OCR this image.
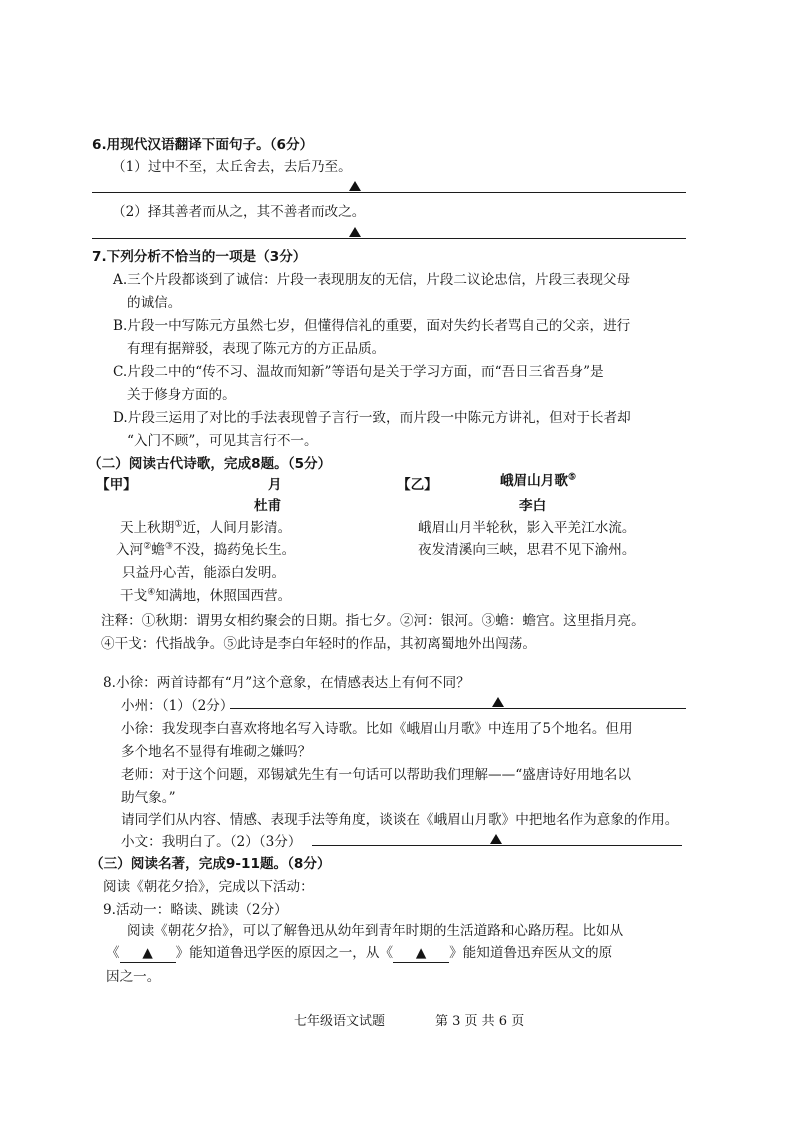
6.用现代汉语翻译下面句子。（6分）
（1）过中不至，太丘舍去，去后乃至。
（2）择其善者而从之，其不善者而改之。
7.下列分析不恰当的一项是（3分）
A.三个片段都谈到了诚信：片段一表现朋友的无信，片段二议论忠信，片段三表现父母
的诚信。
B.片段一中写陈元方虽然七岁，但懂得信礼的重要，面对失约长者骂自己的父亲，进行
有理有据辩驳，表现了陈元方的方正品质。
C.片段二中的“传不习、温故而知新”等语句是关于学习方面，而“吾日三省吾身”是
关于修身方面的。
D.片段三运用了对比的手法表现曾子言行一致，而片段一中陈元方讲礼，但对于长者却
“入门不顾”，可见其言行不一。
（二）阅读古代诗歌，完成8题。（5分）
【甲】	月	【乙】	峨眉山月歌⑤
杜甫	李白
天上秋期①近，人间月影清。	峨眉山月半轮秋，影入平羌江水流。
入河②蟾③不没，捣药兔长生。	夜发清溪向三峡，思君不见下渝州。
只益丹心苦，能添白发明。
干戈④知满地，休照国西营。
注释：①秋期：谓男女相约聚会的日期。指七夕。②河：银河。③蟾：蟾宫。这里指月亮。
④干戈：代指战争。⑤此诗是李白年轻时的作品，其初离蜀地外出闯荡。
8.小徐：两首诗都有“月”这个意象，在情感表达上有何不同？
小州：（1）（2分）
小徐：我发现李白喜欢将地名写入诗歌。比如《峨眉山月歌》中连用了5个地名。但用
多个地名不显得有堆砌之嫌吗？
老师：对于这个问题，邓锡斌先生有一句话可以帮助我们理解——“盛唐诗好用地名以
助气象。”
请同学们从内容、情感、表现手法等角度，谈谈在《峨眉山月歌》中把地名作为意象的作用。
小文：我明白了。（2）（3分）
（三）阅读名著，完成9-11题。（8分）
阅读《朝花夕拾》，完成以下活动：
9.活动一：略读、跳读（2分）
阅读《朝花夕拾》，可以了解鲁迅从幼年到青年时期的生活道路和心路历程。比如从
《 ▲ 》能知道鲁迅学医的原因之一，从《 ▲ 》能知道鲁迅弃医从文的原
因之一。
七年级语文试题	第 3 页 共 6 页
